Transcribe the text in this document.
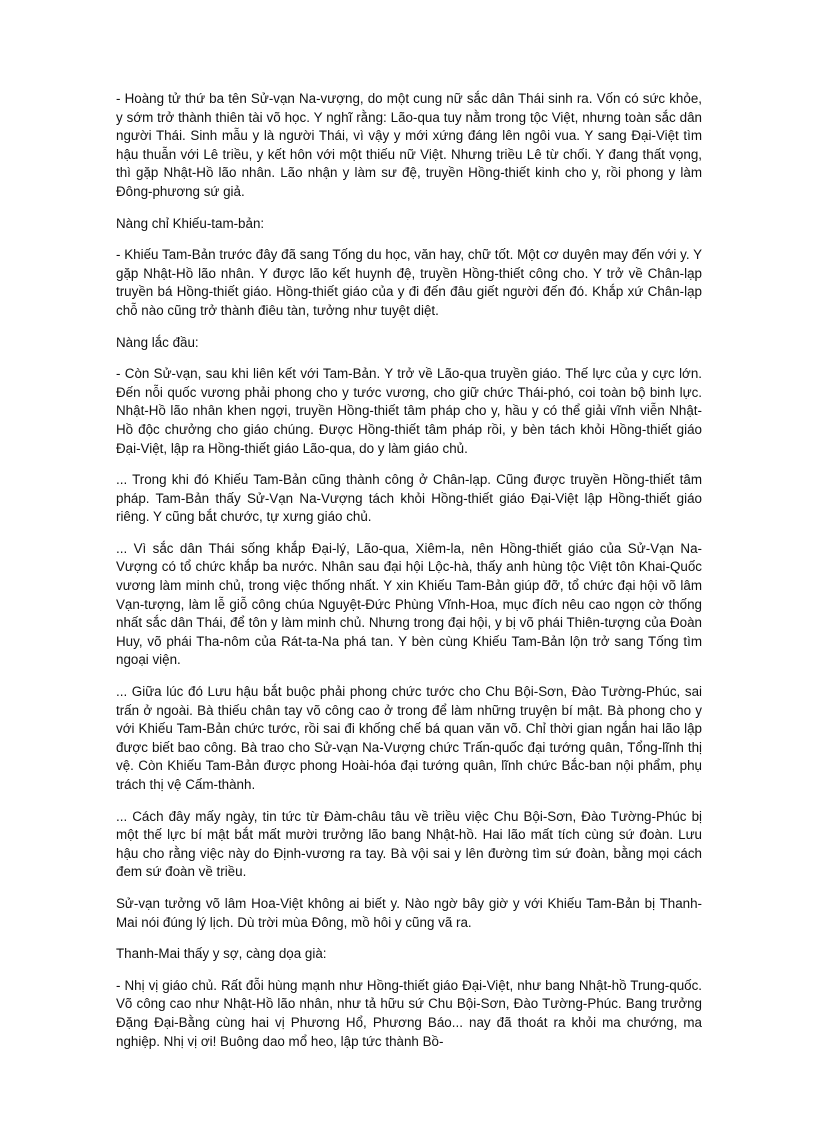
- Hoàng tử thứ ba tên Sử-vạn Na-vượng, do một cung nữ sắc dân Thái sinh ra. Vốn có sức khỏe, y sớm trở thành thiên tài võ học. Y nghĩ rằng: Lão-qua tuy nằm trong tộc Việt, nhưng toàn sắc dân người Thái. Sinh mẫu y là người Thái, vì vậy y mới xứng đáng lên ngôi vua. Y sang Đại-Việt tìm hậu thuẫn với Lê triều, y kết hôn với một thiếu nữ Việt. Nhưng triều Lê từ chối. Y đang thất vọng, thì gặp Nhật-Hồ lão nhân. Lão nhận y làm sư đệ, truyền Hồng-thiết kinh cho y, rồi phong y làm Đông-phương sứ giả.

Nàng chỉ Khiếu-tam-bản:

- Khiếu Tam-Bản trước đây đã sang Tống du học, văn hay, chữ tốt. Một cơ duyên may đến với y. Y gặp Nhật-Hồ lão nhân. Y được lão kết huynh đệ, truyền Hồng-thiết công cho. Y trở về Chân-lạp truyền bá Hồng-thiết giáo. Hồng-thiết giáo của y đi đến đâu giết người đến đó. Khắp xứ Chân-lạp chỗ nào cũng trở thành điêu tàn, tưởng như tuyệt diệt.

Nàng lắc đầu:

- Còn Sử-vạn, sau khi liên kết với Tam-Bản. Y trở về Lão-qua truyền giáo. Thế lực của y cực lớn. Đến nỗi quốc vương phải phong cho y tước vương, cho giữ chức Thái-phó, coi toàn bộ binh lực. Nhật-Hồ lão nhân khen ngợi, truyền Hồng-thiết tâm pháp cho y, hầu y có thể giải vĩnh viễn Nhật-Hồ độc chưởng cho giáo chúng. Được Hồng-thiết tâm pháp rồi, y bèn tách khỏi Hồng-thiết giáo Đại-Việt, lập ra Hồng-thiết giáo Lão-qua, do y làm giáo chủ.

... Trong khi đó Khiếu Tam-Bản cũng thành công ở Chân-lạp. Cũng được truyền Hồng-thiết tâm pháp. Tam-Bản thấy Sử-Vạn Na-Vượng tách khỏi Hồng-thiết giáo Đại-Việt lập Hồng-thiết giáo riêng. Y cũng bắt chước, tự xưng giáo chủ.

... Vì sắc dân Thái sống khắp Đại-lý, Lão-qua, Xiêm-la, nên Hồng-thiết giáo của Sử-Vạn Na-Vượng có tổ chức khắp ba nước. Nhân sau đại hội Lộc-hà, thấy anh hùng tộc Việt tôn Khai-Quốc vương làm minh chủ, trong việc thống nhất. Y xin Khiếu Tam-Bản giúp đỡ, tổ chức đại hội võ lâm Vạn-tượng, làm lễ giỗ công chúa Nguyệt-Đức Phùng Vĩnh-Hoa, mục đích nêu cao ngọn cờ thống nhất sắc dân Thái, để tôn y làm minh chủ. Nhưng trong đại hội, y bị võ phái Thiên-tượng của Đoàn Huy, võ phái Tha-nôm của Rát-ta-Na phá tan. Y bèn cùng Khiếu Tam-Bản lộn trở sang Tống tìm ngoại viện.

... Giữa lúc đó Lưu hậu bắt buộc phải phong chức tước cho Chu Bội-Sơn, Đào Tường-Phúc, sai trấn ở ngoài. Bà thiếu chân tay võ công cao ở trong để làm những truyện bí mật. Bà phong cho y với Khiếu Tam-Bản chức tước, rồi sai đi khống chế bá quan văn võ. Chỉ thời gian ngắn hai lão lập được biết bao công. Bà trao cho Sử-vạn Na-Vượng chức Trấn-quốc đại tướng quân, Tổng-lĩnh thị vệ. Còn Khiếu Tam-Bản được phong Hoài-hóa đại tướng quân, lĩnh chức Bắc-ban nội phẩm, phụ trách thị vệ Cấm-thành.

... Cách đây mấy ngày, tin tức từ Đàm-châu tâu về triều việc Chu Bội-Sơn, Đào Tường-Phúc bị một thế lực bí mật bắt mất mười trưởng lão bang Nhật-hồ. Hai lão mất tích cùng sứ đoàn. Lưu hậu cho rằng việc này do Định-vương ra tay. Bà vội sai y lên đường tìm sứ đoàn, bằng mọi cách đem sứ đoàn về triều.

Sử-vạn tưởng võ lâm Hoa-Việt không ai biết y. Nào ngờ bây giờ y với Khiếu Tam-Bản bị Thanh-Mai nói đúng lý lịch. Dù trời mùa Đông, mồ hôi y cũng vã ra.

Thanh-Mai thấy y sợ, càng dọa già:

- Nhị vị giáo chủ. Rất đỗi hùng mạnh như Hồng-thiết giáo Đại-Việt, như bang Nhật-hồ Trung-quốc. Võ công cao như Nhật-Hồ lão nhân, như tả hữu sứ Chu Bội-Sơn, Đào Tường-Phúc. Bang trưởng Đặng Đại-Bằng cùng hai vị Phương Hổ, Phương Báo... nay đã thoát ra khỏi ma chướng, ma nghiệp. Nhị vị ơi! Buông dao mổ heo, lập tức thành Bồ-
